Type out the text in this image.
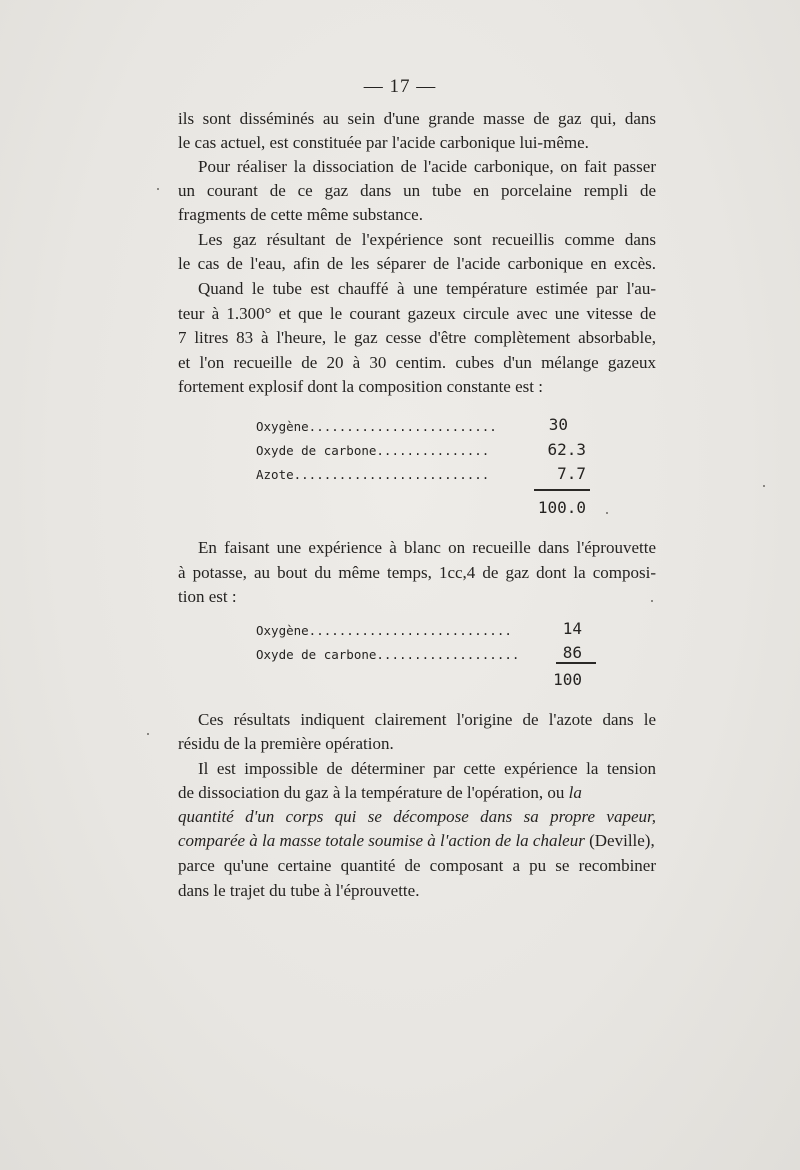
— 17 —
ils sont disséminés au sein d'une grande masse de gaz qui, dans
le cas actuel, est constituée par l'acide carbonique lui-même.
Pour réaliser la dissociation de l'acide carbonique, on fait passer
un courant de ce gaz dans un tube en porcelaine rempli de
fragments de cette même substance.
Les gaz résultant de l'expérience sont recueillis comme dans
le cas de l'eau, afin de les séparer de l'acide carbonique en excès.
Quand le tube est chauffé à une température estimée par l'au-
teur à 1.300° et que le courant gazeux circule avec une vitesse de
7 litres 83 à l'heure, le gaz cesse d'être complètement absorbable,
et l'on recueille de 20 à 30 centim. cubes d'un mélange gazeux
fortement explosif dont la composition constante est :
Oxygène.........................	30
Oxyde de carbone...............	62.3
Azote..........................	7.7
100.0
En faisant une expérience à blanc on recueille dans l'éprouvette
à potasse, au bout du même temps, 1cc,4 de gaz dont la composi-
tion est :
Oxygène...........................	14
Oxyde de carbone...................	86
100
Ces résultats indiquent clairement l'origine de l'azote dans le
résidu de la première opération.
Il est impossible de déterminer par cette expérience la tension
de dissociation du gaz à la température de l'opération, ou la
quantité d'un corps qui se décompose dans sa propre vapeur,
comparée à la masse totale soumise à l'action de la chaleur (Deville),
parce qu'une certaine quantité de composant a pu se recombiner
dans le trajet du tube à l'éprouvette.
